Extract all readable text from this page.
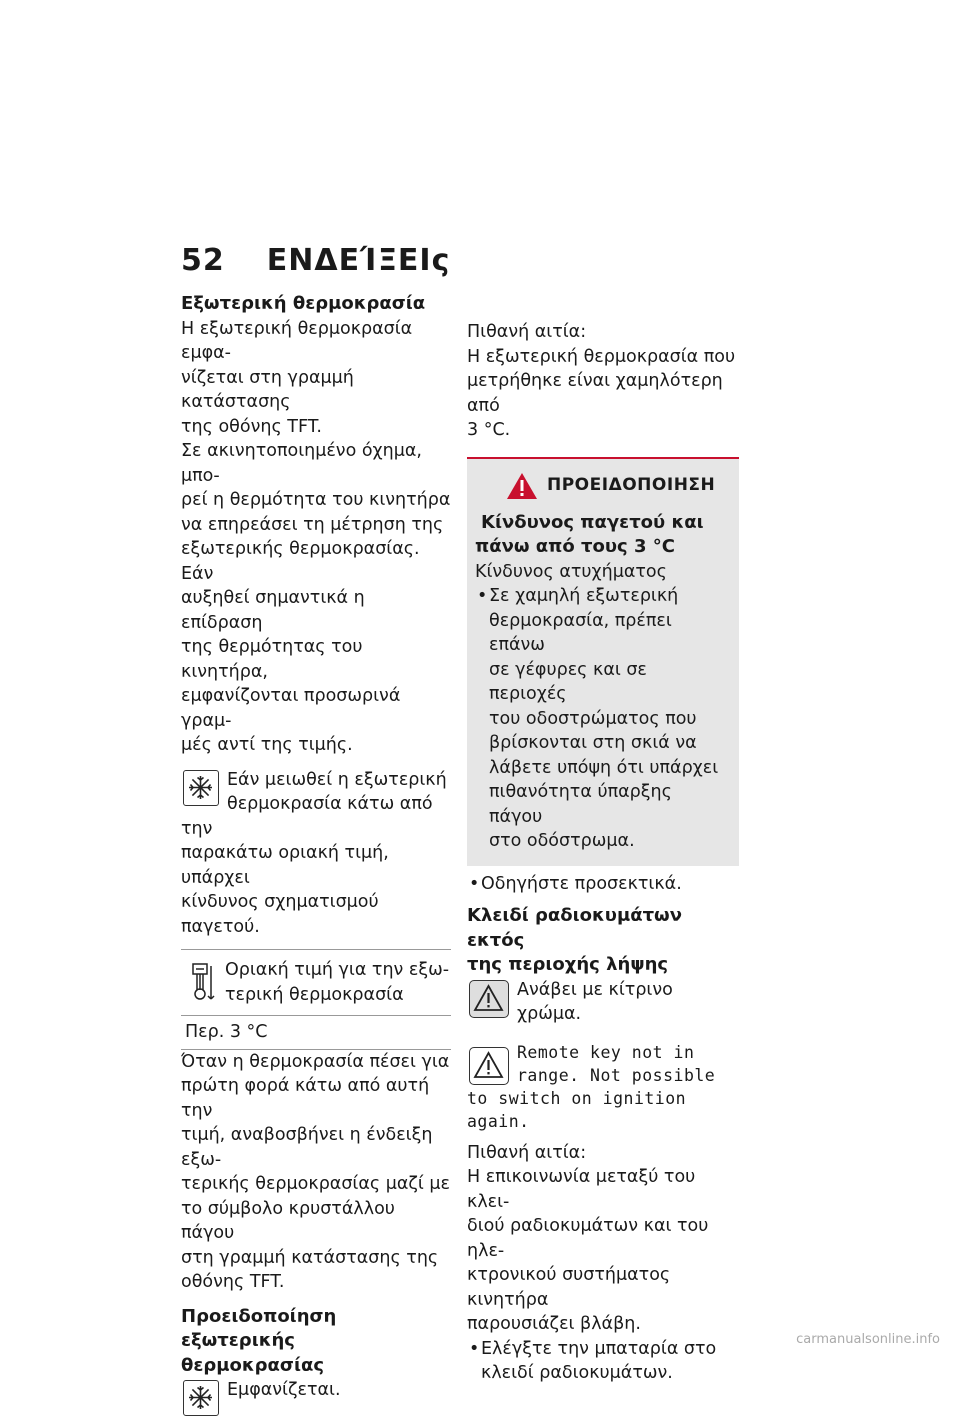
52 ΕΝΔΕΊΞΕΙς

Εξωτερική θερμοκρασία

Η εξωτερική θερμοκρασία εμφα-

νίζεται στη γραμμή κατάστασης

της οθόνης TFT.

Σε ακινητοποιημένο όχημα, μπο-

ρεί η θερμότητα του κινητήρα

να επηρεάσει τη μέτρηση της

εξωτερικής θερμοκρασίας. Εάν

αυξηθεί σημαντικά η επίδραση

της θερμότητας του κινητήρα,

εμφανίζονται προσωρινά γραμ-

μές αντί της τιμής.

Εάν μειωθεί η εξωτερική

θερμοκρασία κάτω από την

παρακάτω οριακή τιμή, υπάρχει

κίνδυνος σχηματισμού παγετού.

Οριακή τιμή για την εξω-

τερική θερμοκρασία

Περ. 3 °C

Όταν η θερμοκρασία πέσει για

πρώτη φορά κάτω από αυτή την

τιμή, αναβοσβήνει η ένδειξη εξω-

τερικής θερμοκρασίας μαζί με

το σύμβολο κρυστάλλου πάγου

στη γραμμή κατάστασης της

οθόνης TFT.

Προειδοποίηση εξωτερικής

θερμοκρασίας

Εμφανίζεται.

Πιθανή αιτία:

Η εξωτερική θερμοκρασία που

μετρήθηκε είναι χαμηλότερη από

3 °C.

ΠΡΟΕΙΔΟΠΟΙΗΣΗ

Κίνδυνος παγετού και

πάνω από τους 3 °C

Κίνδυνος ατυχήματος

• Σε χαμηλή εξωτερική

θερμοκρασία, πρέπει επάνω

σε γέφυρες και σε περιοχές

του οδοστρώματος που

βρίσκονται στη σκιά να

λάβετε υπόψη ότι υπάρχει

πιθανότητα ύπαρξης πάγου

στο οδόστρωμα.

• Οδηγήστε προσεκτικά.

Κλειδί ραδιοκυμάτων εκτός

της περιοχής λήψης

Ανάβει με κίτρινο χρώμα.

Remote key not in

range. Not possible

to switch on ignition

again.

Πιθανή αιτία:

Η επικοινωνία μεταξύ του κλει-

διού ραδιοκυμάτων και του ηλε-

κτρονικού συστήματος κινητήρα

παρουσιάζει βλάβη.

• Ελέγξτε την μπαταρία στο

κλειδί ραδιοκυμάτων.

carmanualsonline.info
